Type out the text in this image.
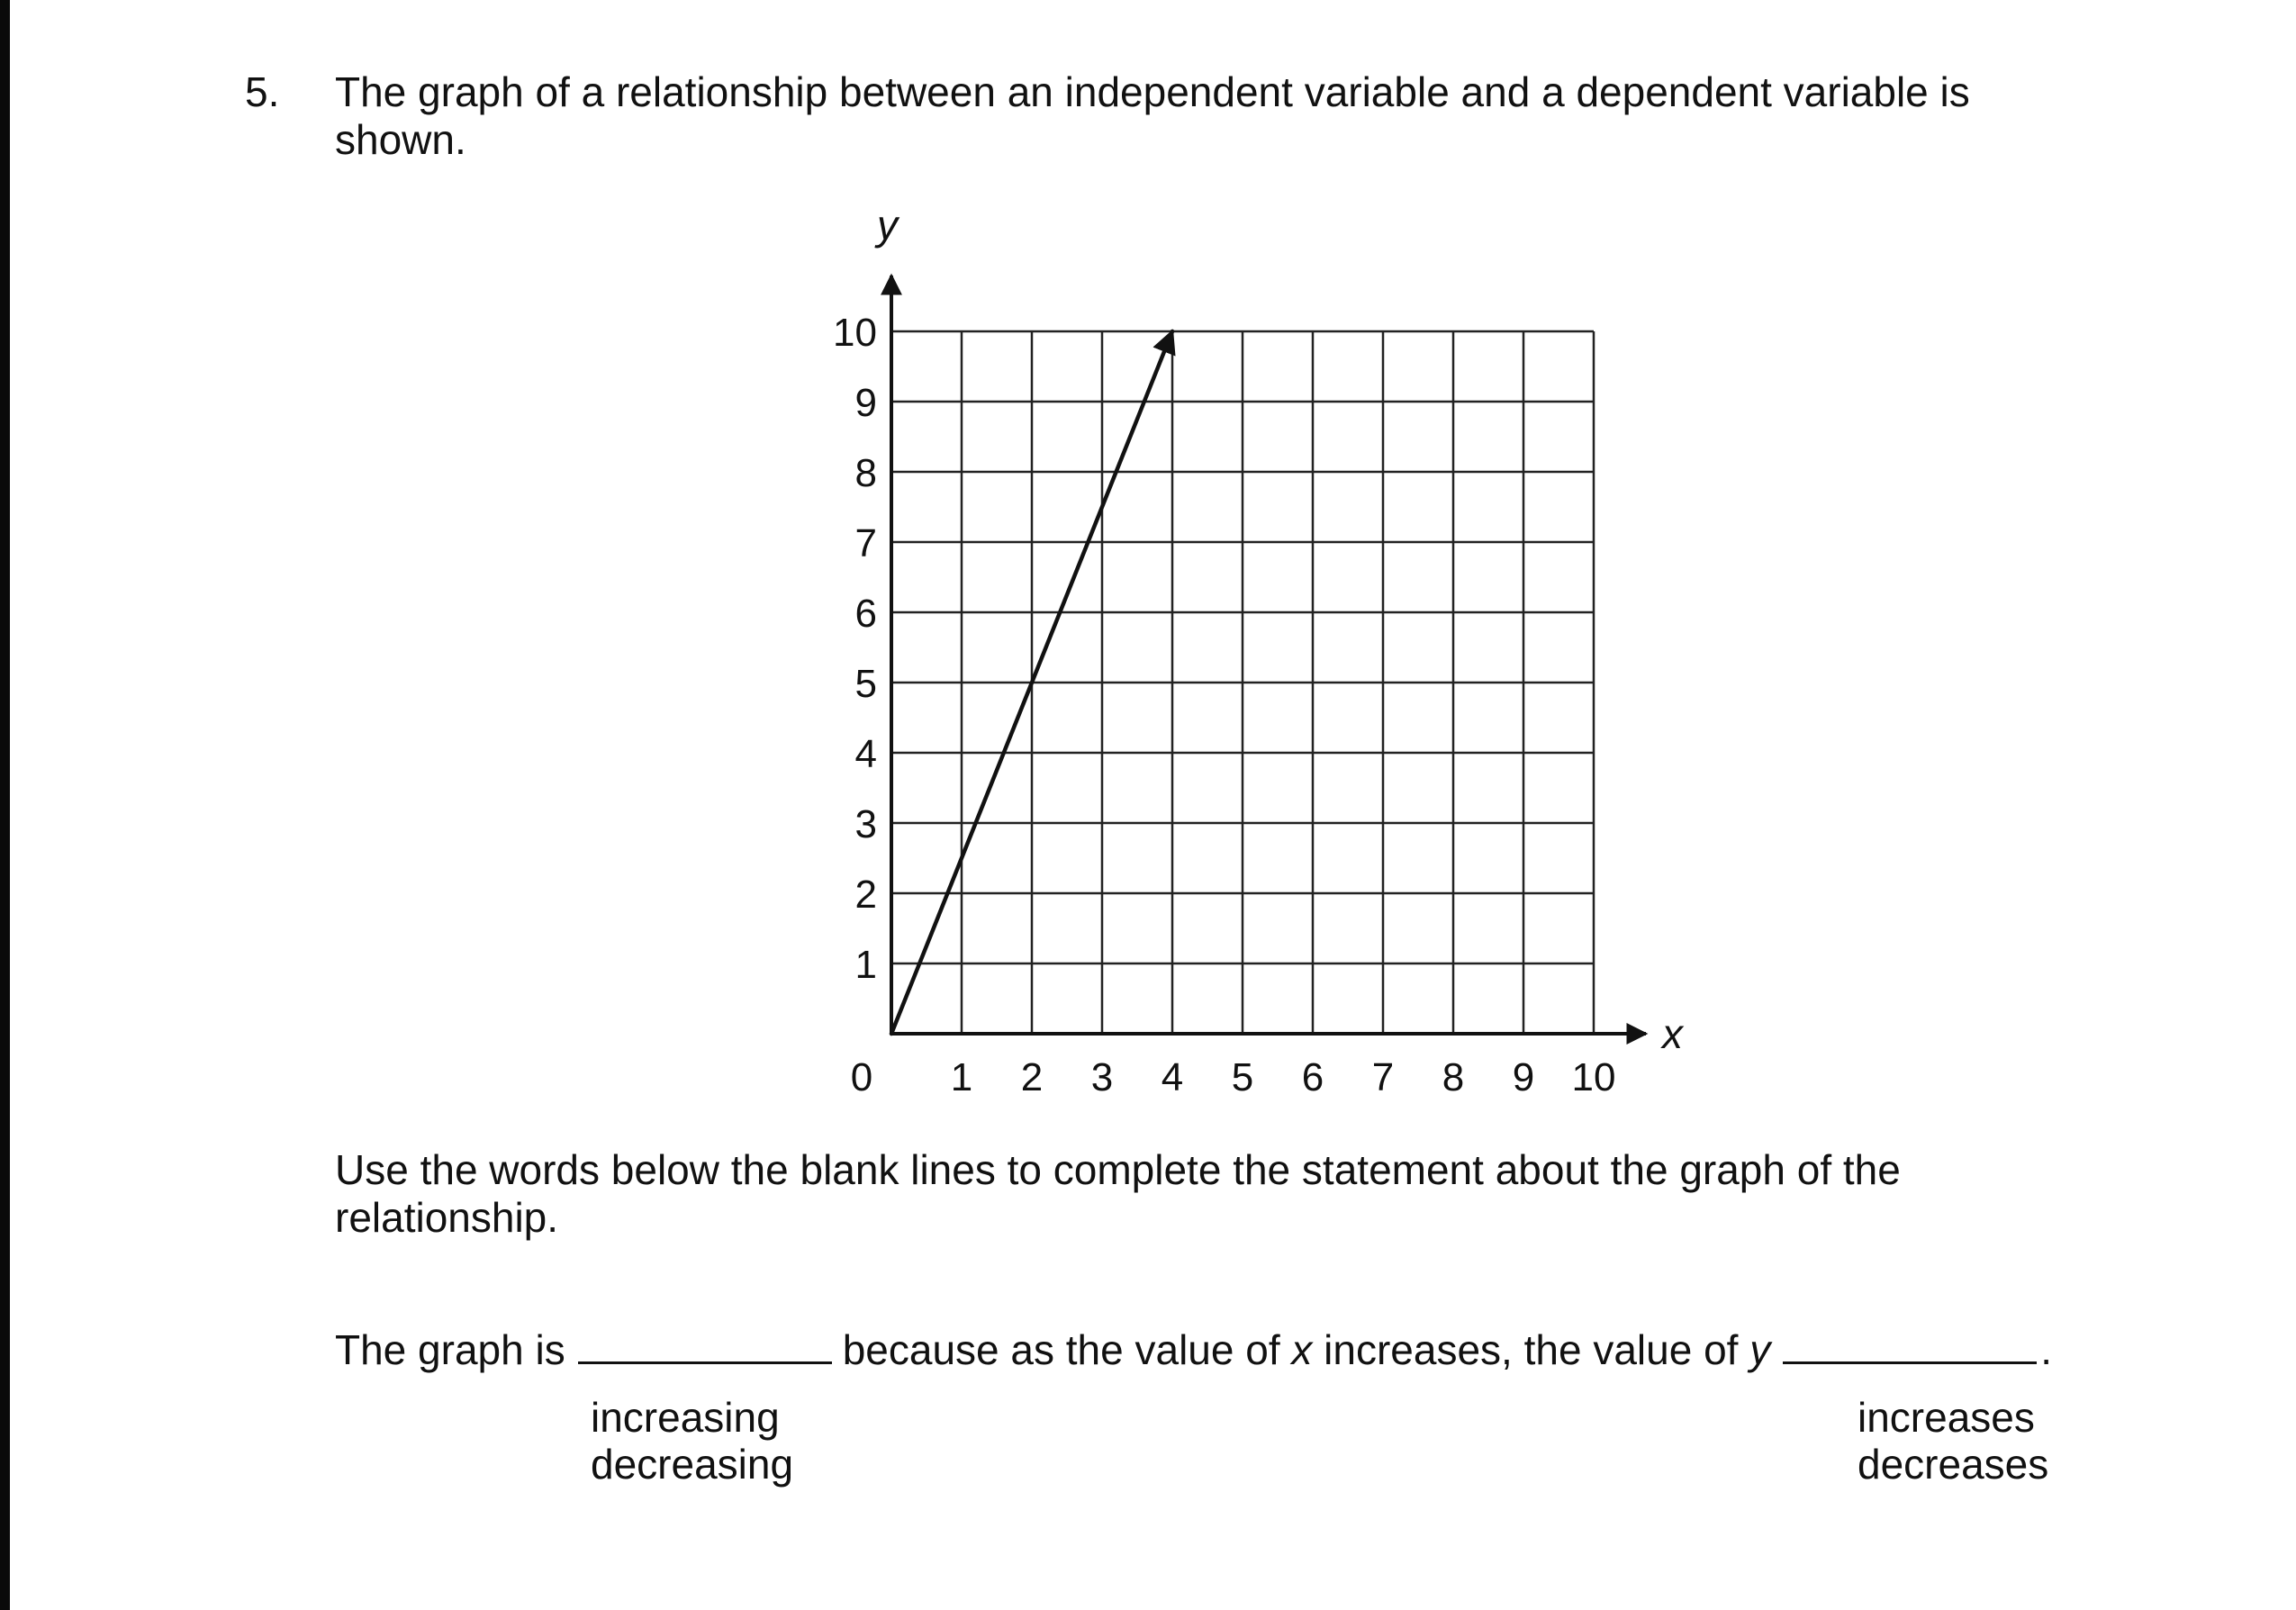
5. The graph of a relationship between an independent variable and a dependent variable is
shown.
0 1 2 3 4 5 6 7 8 9 10
1
2
3
4
5
6
7
8
9
10
x
y
Use the words below the blank lines to complete the statement about the graph of the
relationship.
The graph is	because as the value of x increases, the value of y	.
increasing
decreasing
increases
decreases
